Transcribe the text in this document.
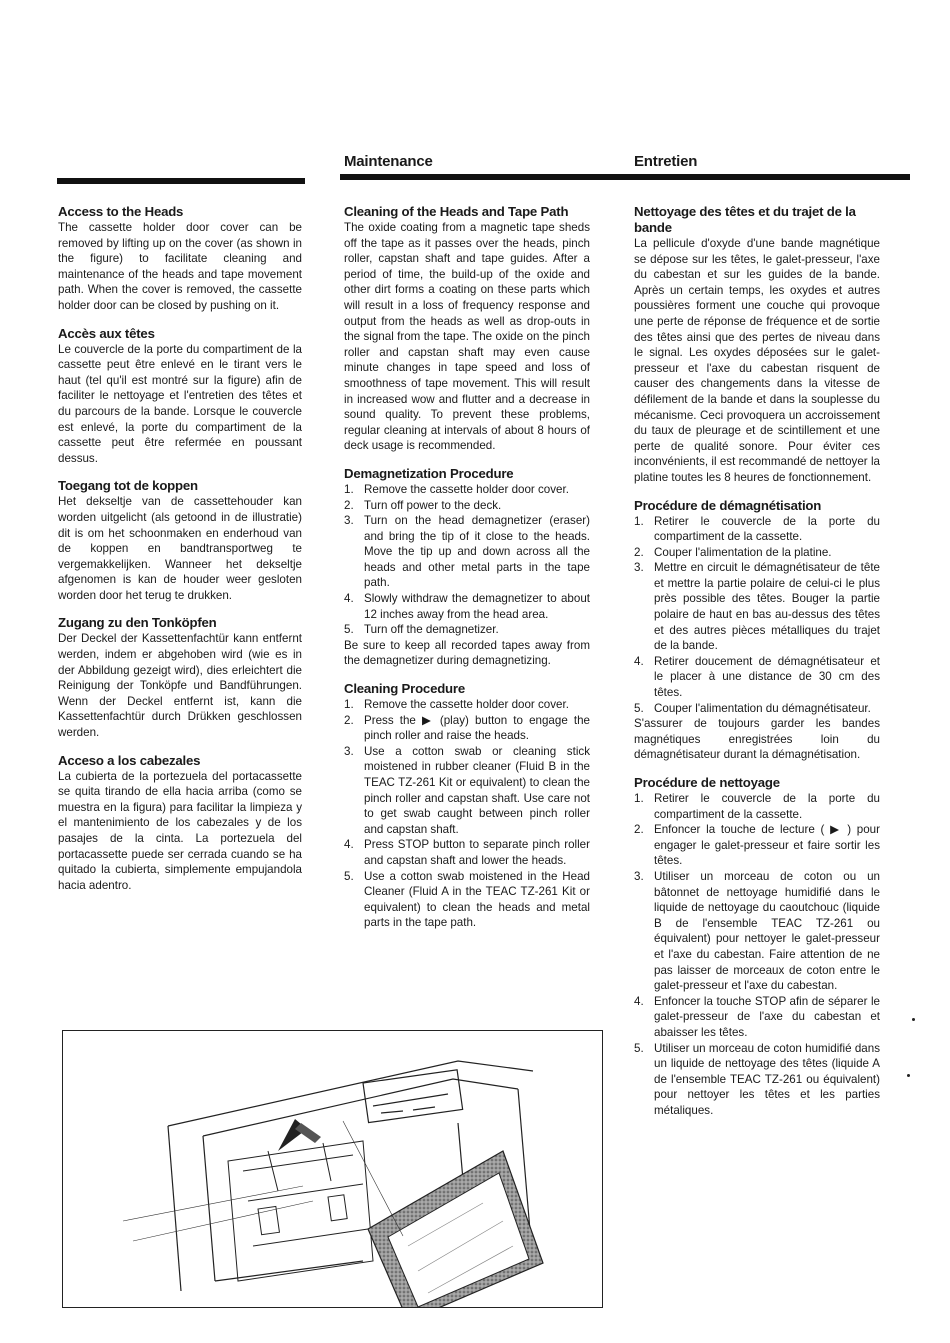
Maintenance	Entretien
Access to the Heads

The cassette holder door cover can be removed by lifting up on the cover (as shown in the figure) to facilitate cleaning and maintenance of the heads and tape movement path. When the cover is removed, the cassette holder door can be closed by pushing on it.

Accès aux têtes

Le couvercle de la porte du compartiment de la cassette peut être enlevé en le tirant vers le haut (tel qu'il est montré sur la figure) afin de faciliter le nettoyage et l'entretien des têtes et du parcours de la bande. Lorsque le couvercle est enlevé, la porte du compartiment de la cassette peut être refermée en poussant dessus.

Toegang tot de koppen

Het dekseltje van de cassettehouder kan worden uitgelicht (als getoond in de illustratie) dit is om het schoonmaken en enderhoud van de koppen en bandtransportweg te vergemakkelijken. Wanneer het dekseltje afgenomen is kan de houder weer gesloten worden door het terug te drukken.

Zugang zu den Tonköpfen

Der Deckel der Kassettenfachtür kann entfernt werden, indem er abgehoben wird (wie es in der Abbildung gezeigt wird), dies erleichtert die Reinigung der Tonköpfe und Bandführungen. Wenn der Deckel entfernt ist, kann die Kassettenfachtür durch Drükken geschlossen werden.

Acceso a los cabezales

La cubierta de la portezuela del portacassette se quita tirando de ella hacia arriba (como se muestra en la figura) para facilitar la limpieza y el mantenimiento de los cabezales y de los pasajes de la cinta. La portezuela del portacassette puede ser cerrada cuando se ha quitado la cubierta, simplemente empujandola hacia adentro.

Cleaning of the Heads and Tape Path

The oxide coating from a magnetic tape sheds off the tape as it passes over the heads, pinch roller, capstan shaft and tape guides. After a period of time, the build-up of the oxide and other dirt forms a coating on these parts which will result in a loss of frequency response and output from the heads as well as drop-outs in the signal from the tape. The oxide on the pinch roller and capstan shaft may even cause minute changes in tape speed and loss of smoothness of tape movement. This will result in increased wow and flutter and a decrease in sound quality. To prevent these problems, regular cleaning at intervals of about 8 hours of deck usage is recommended.

Demagnetization Procedure
1. Remove the cassette holder door cover.
2. Turn off power to the deck.
3. Turn on the head demagnetizer (eraser) and bring the tip of it close to the heads. Move the tip up and down across all the heads and other metal parts in the tape path.
4. Slowly withdraw the demagnetizer to about 12 inches away from the head area.
5. Turn off the demagnetizer.

Be sure to keep all recorded tapes away from the demagnetizer during demagnetizing.

Cleaning Procedure
1. Remove the cassette holder door cover.
2. Press the ▶ (play) button to engage the pinch roller and raise the heads.
3. Use a cotton swab or cleaning stick moistened in rubber cleaner (Fluid B in the TEAC TZ-261 Kit or equivalent) to clean the pinch roller and capstan shaft. Use care not to get swab caught between pinch roller and capstan shaft.
4. Press STOP button to separate pinch roller and capstan shaft and lower the heads.
5. Use a cotton swab moistened in the Head Cleaner (Fluid A in the TEAC TZ-261 Kit or equivalent) to clean the heads and metal parts in the tape path.
Nettoyage des têtes et du trajet de la bande

La pellicule d'oxyde d'une bande magnétique se dépose sur les têtes, le galet-presseur, l'axe du cabestan et sur les guides de la bande. Après un certain temps, les oxydes et autres poussières forment une couche qui provoque une perte de réponse de fréquence et de sortie des têtes ainsi que des pertes de niveau dans le signal. Les oxydes déposées sur le galet-presseur et l'axe du cabestan risquent de causer des changements dans la vitesse de défilement de la bande et dans la souplesse du mécanisme. Ceci provoquera un accroissement du taux de pleurage et de scintillement et une perte de qualité sonore. Pour éviter ces inconvénients, il est recommandé de nettoyer la platine toutes les 8 heures de fonctionnement.

Procédure de démagnétisation
1. Retirer le couvercle de la porte du compartiment de la cassette.
2. Couper l'alimentation de la platine.
3. Mettre en circuit le démagnétisateur de tête et mettre la partie polaire de celui-ci le plus près possible des têtes. Bouger la partie polaire de haut en bas au-dessus des têtes et des autres pièces métalliques du trajet de la bande.
4. Retirer doucement de démagnétisateur et le placer à une distance de 30 cm des têtes.
5. Couper l'alimentation du démagnétisateur.

S'assurer de toujours garder les bandes magnétiques enregistrées loin du démagnétisateur durant la démagnétisation.

Procédure de nettoyage
1. Retirer le couvercle de la porte du compartiment de la cassette.
2. Enfoncer la touche de lecture ( ▶ ) pour engager le galet-presseur et faire sortir les têtes.
3. Utiliser un morceau de coton ou un bâtonnet de nettoyage humidifié dans le liquide de nettoyage du caoutchouc (liquide B de l'ensemble TEAC TZ-261 ou équivalent) pour nettoyer le galet-presseur et l'axe du cabestan. Faire attention de ne pas laisser de morceaux de coton entre le galet-presseur et l'axe du cabestan.
4. Enfoncer la touche STOP afin de séparer le galet-presseur de l'axe du cabestan et abaisser les têtes.
5. Utiliser un morceau de coton humidifié dans un liquide de nettoyage des têtes (liquide A de l'ensemble TEAC TZ-261 ou équivalent) pour nettoyer les têtes et les parties métaliques.
